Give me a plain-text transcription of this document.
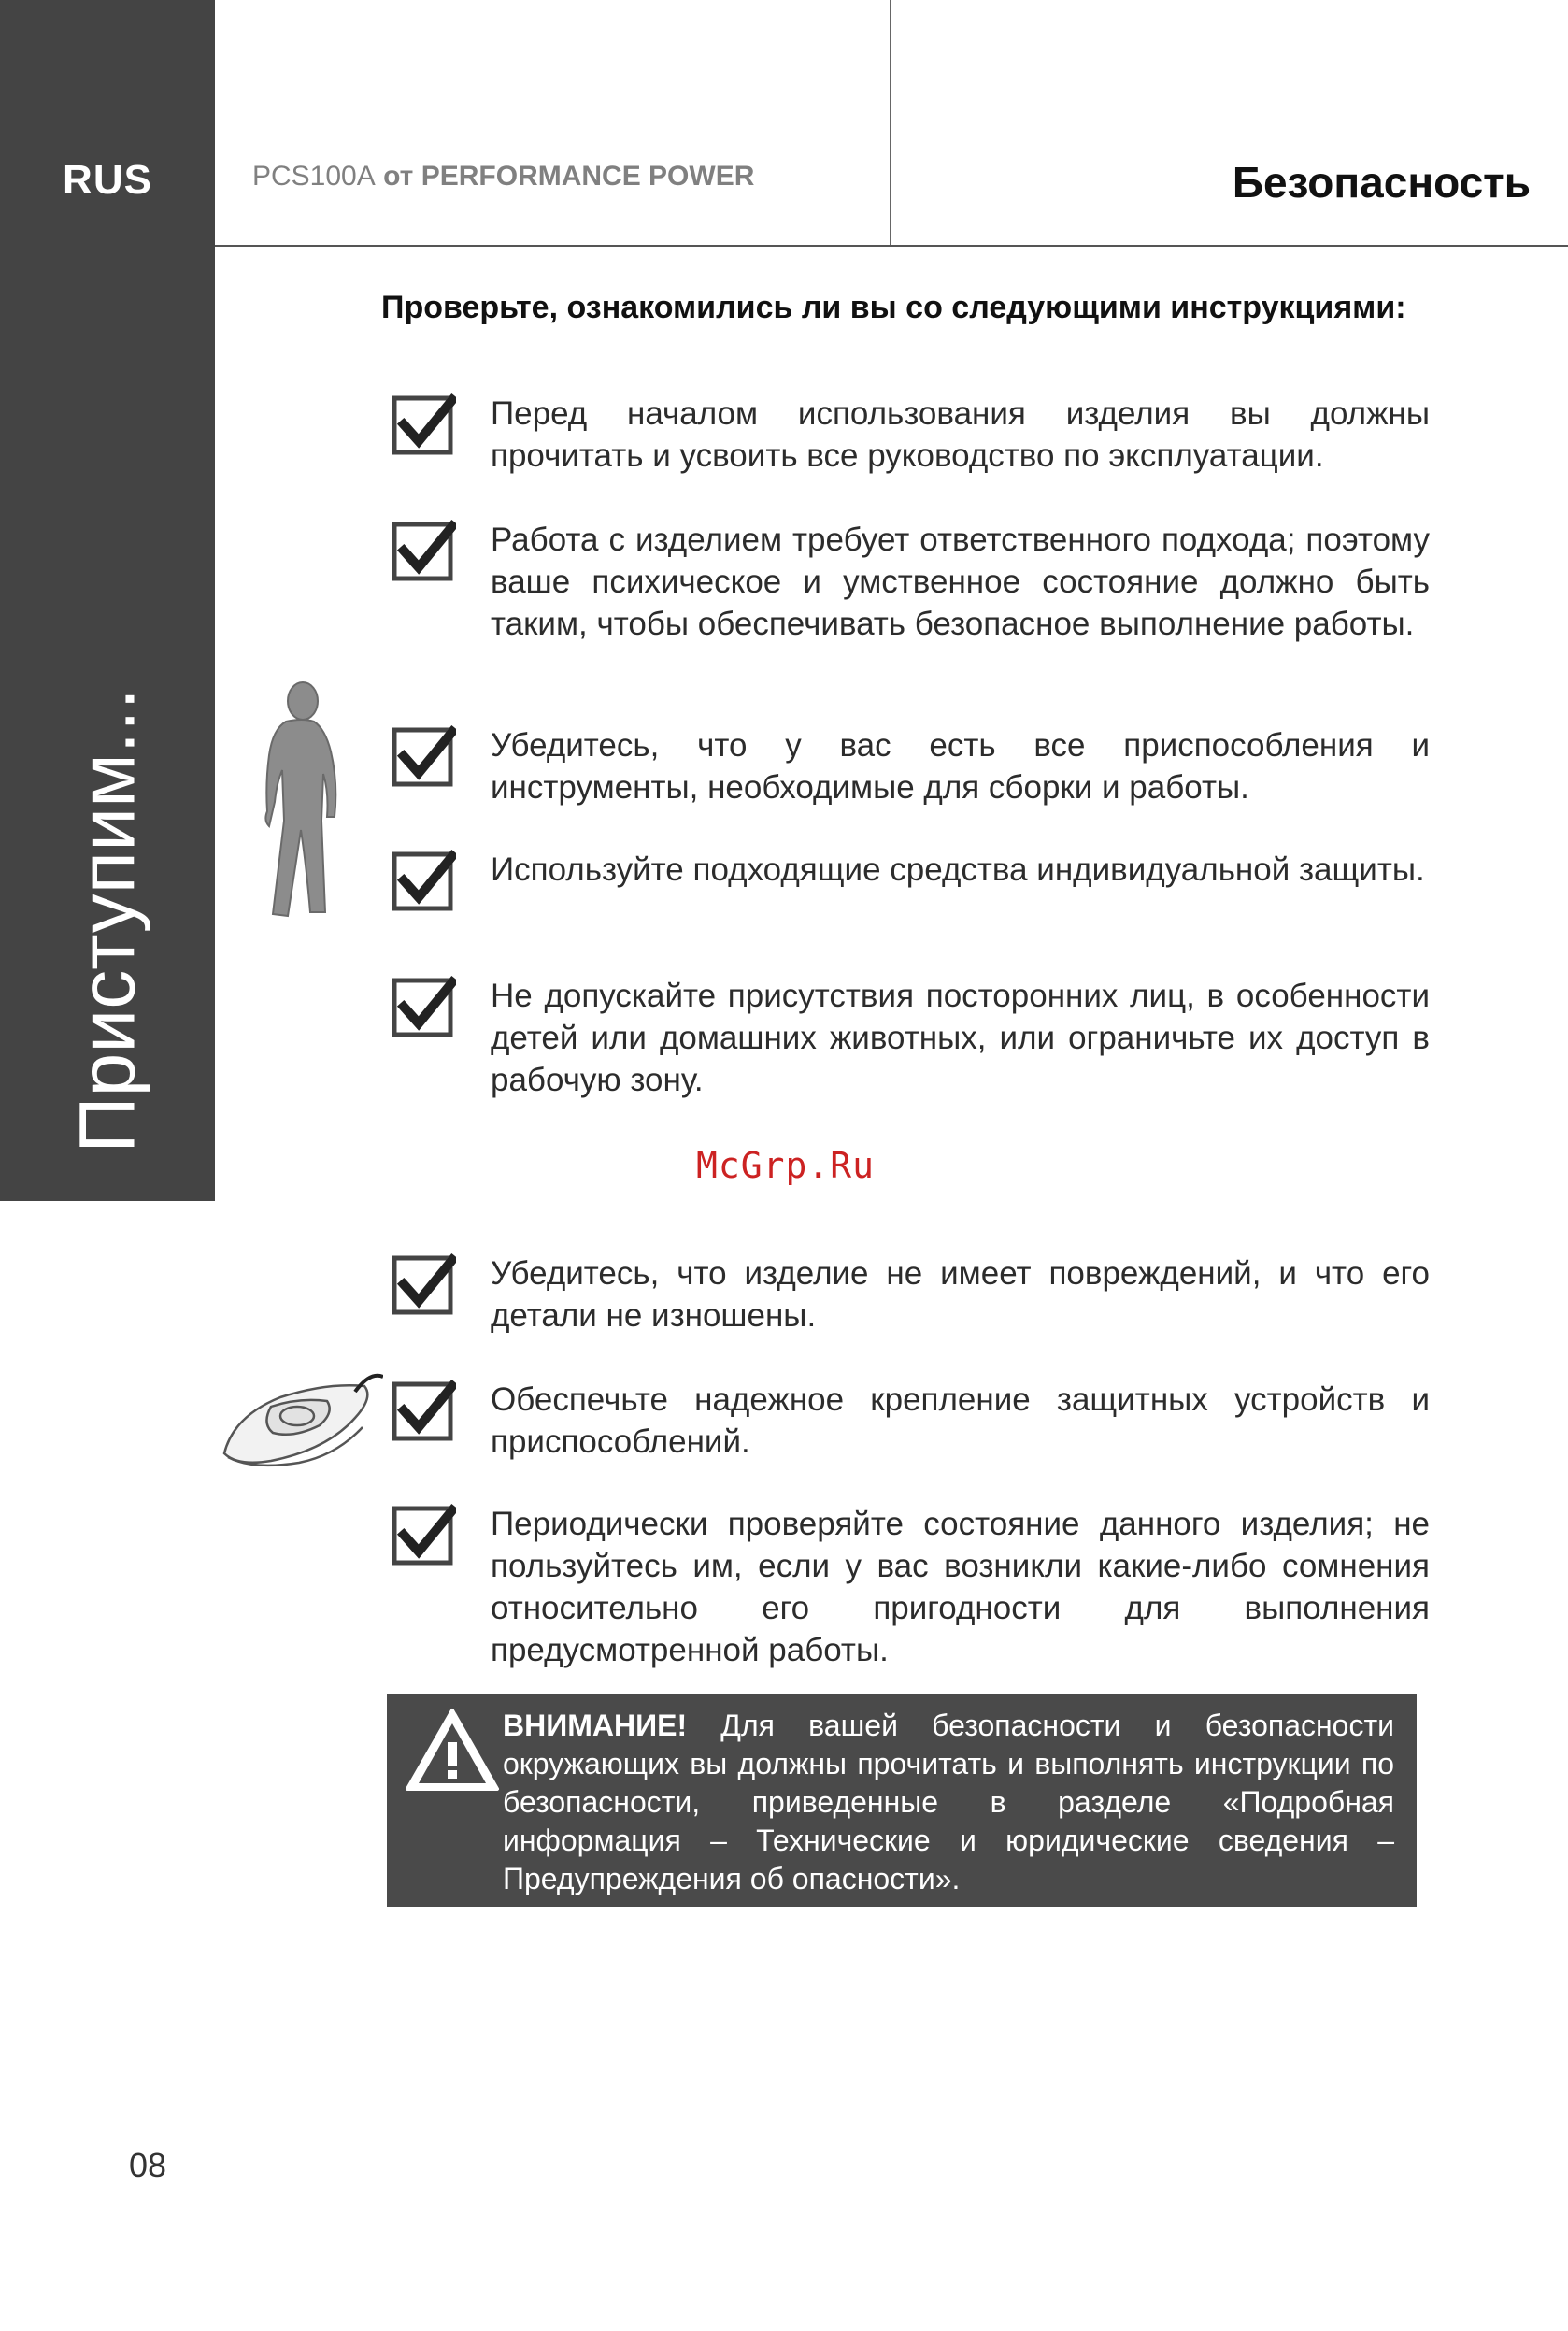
RUS
Приступим...
PCS100A от PERFORMANCE POWER	Безопасность
Проверьте, ознакомились ли вы со следующими инструкциями:
Перед началом использования изделия вы должны прочитать и усвоить все руководство по эксплуатации.
Работа с изделием требует ответственного подхода; поэтому ваше психическое и умственное состояние должно быть таким, чтобы обеспечивать безопасное выполнение работы.
Убедитесь, что у вас есть все приспособления и инструменты, необходимые для сборки и работы.
Используйте подходящие средства индивидуальной защиты.
Не допускайте присутствия посторонних лиц, в особенности детей или домашних животных, или ограничьте их доступ в рабочую зону.
McGrp.Ru
Убедитесь, что изделие не имеет повреждений, и что его детали не изношены.
Обеспечьте надежное крепление защитных устройств и приспособлений.
Периодически проверяйте состояние данного изделия; не пользуйтесь им, если у вас возникли какие-либо сомнения относительно его пригодности для выполнения предусмотренной работы.
ВНИМАНИЕ! Для вашей безопасности и безопасности окружающих вы должны прочитать и выполнять инструкции по безопасности, приведенные в разделе «Подробная информация – Технические и юридические сведения – Предупреждения об опасности».
08
